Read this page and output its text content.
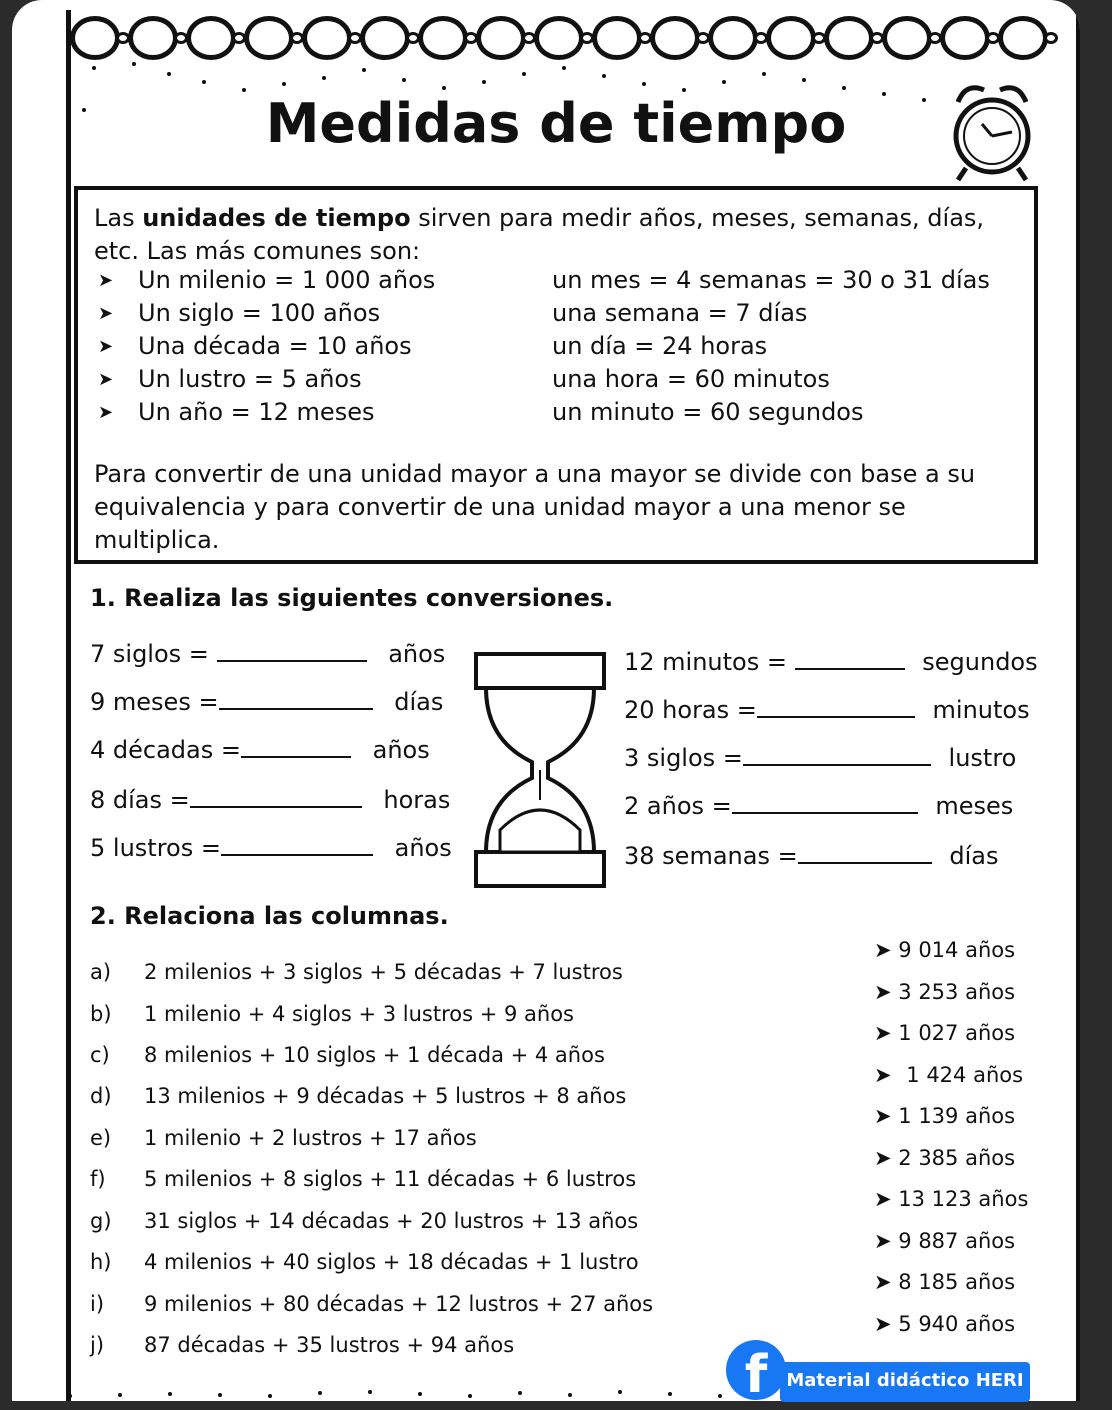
Medidas de tiempo
Las unidades de tiempo sirven para medir años, meses, semanas, días, etc. Las más comunes son:
➤ Un milenio = 1 000 años
➤ Un siglo = 100 años
➤ Una década = 10 años
➤ Un lustro = 5 años
➤ Un año = 12 meses
un mes = 4 semanas = 30 o 31 días
una semana = 7 días
un día = 24 horas
una hora = 60 minutos
un minuto = 60 segundos
Para convertir de una unidad mayor a una mayor se divide con base a su equivalencia y para convertir de una unidad mayor a una menor se multiplica.
1. Realiza las siguientes conversiones.
7 siglos =	años
9 meses =	días
4 décadas =	años
8 días =	horas
5 lustros =	años
12 minutos =	segundos
20 horas =	minutos
3 siglos =	lustro
2 años =	meses
38 semanas =	días
2. Relaciona las columnas.
a) 2 milenios + 3 siglos + 5 décadas + 7 lustros
b) 1 milenio + 4 siglos + 3 lustros + 9 años
c) 8 milenios + 10 siglos + 1 década + 4 años
d) 13 milenios + 9 décadas + 5 lustros + 8 años
e) 1 milenio + 2 lustros + 17 años
f) 5 milenios + 8 siglos + 11 décadas + 6 lustros
g) 31 siglos + 14 décadas + 20 lustros + 13 años
h) 4 milenios + 40 siglos + 18 décadas + 1 lustro
i) 9 milenios + 80 décadas + 12 lustros + 27 años
j) 87 décadas + 35 lustros + 94 años
➤ 9 014 años
➤ 3 253 años
➤ 1 027 años
➤ 1 424 años
➤ 1 139 años
➤ 2 385 años
➤ 13 123 años
➤ 9 887 años
➤ 8 185 años
➤ 5 940 años
f	Material didáctico HERI
